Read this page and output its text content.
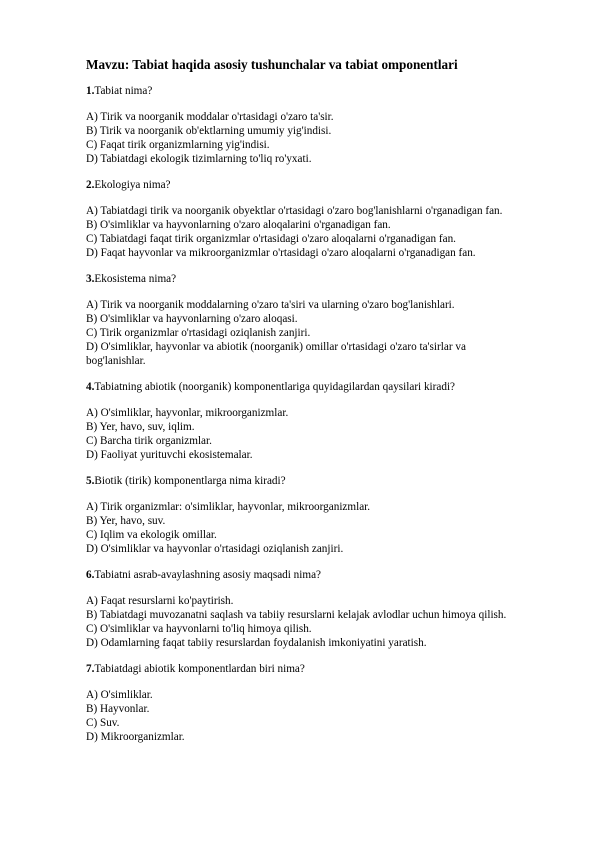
Mavzu: Tabiat haqida asosiy tushunchalar va tabiat omponentlari
1.Tabiat nima?
A) Tirik va noorganik moddalar o'rtasidagi o'zaro ta'sir.
B) Tirik va noorganik ob'ektlarning umumiy yig'indisi.
C) Faqat tirik organizmlarning yig'indisi.
D) Tabiatdagi ekologik tizimlarning to'liq ro'yxati.
2.Ekologiya nima?
A) Tabiatdagi tirik va noorganik obyektlar o'rtasidagi o'zaro bog'lanishlarni o'rganadigan fan.
B) O'simliklar va hayvonlarning o'zaro aloqalarini o'rganadigan fan.
C) Tabiatdagi faqat tirik organizmlar o'rtasidagi o'zaro aloqalarni o'rganadigan fan.
D) Faqat hayvonlar va mikroorganizmlar o'rtasidagi o'zaro aloqalarni o'rganadigan fan.
3.Ekosistema nima?
A) Tirik va noorganik moddalarning o'zaro ta'siri va ularning o'zaro bog'lanishlari.
B) O'simliklar va hayvonlarning o'zaro aloqasi.
C) Tirik organizmlar o'rtasidagi oziqlanish zanjiri.
D) O'simliklar, hayvonlar va abiotik (noorganik) omillar o'rtasidagi o'zaro ta'sirlar va bog'lanishlar.
4.Tabiatning abiotik (noorganik) komponentlariga quyidagilardan qaysilari kiradi?
A) O'simliklar, hayvonlar, mikroorganizmlar.
B) Yer, havo, suv, iqlim.
C) Barcha tirik organizmlar.
D) Faoliyat yurituvchi ekosistemalar.
5.Biotik (tirik) komponentlarga nima kiradi?
A) Tirik organizmlar: o'simliklar, hayvonlar, mikroorganizmlar.
B) Yer, havo, suv.
C) Iqlim va ekologik omillar.
D) O'simliklar va hayvonlar o'rtasidagi oziqlanish zanjiri.
6.Tabiatni asrab-avaylashning asosiy maqsadi nima?
A) Faqat resurslarni ko'paytirish.
B) Tabiatdagi muvozanatni saqlash va tabiiy resurslarni kelajak avlodlar uchun himoya qilish.
C) O'simliklar va hayvonlarni to'liq himoya qilish.
D) Odamlarning faqat tabiiy resurslardan foydalanish imkoniyatini yaratish.
7.Tabiatdagi abiotik komponentlardan biri nima?
A) O'simliklar.
B) Hayvonlar.
C) Suv.
D) Mikroorganizmlar.
